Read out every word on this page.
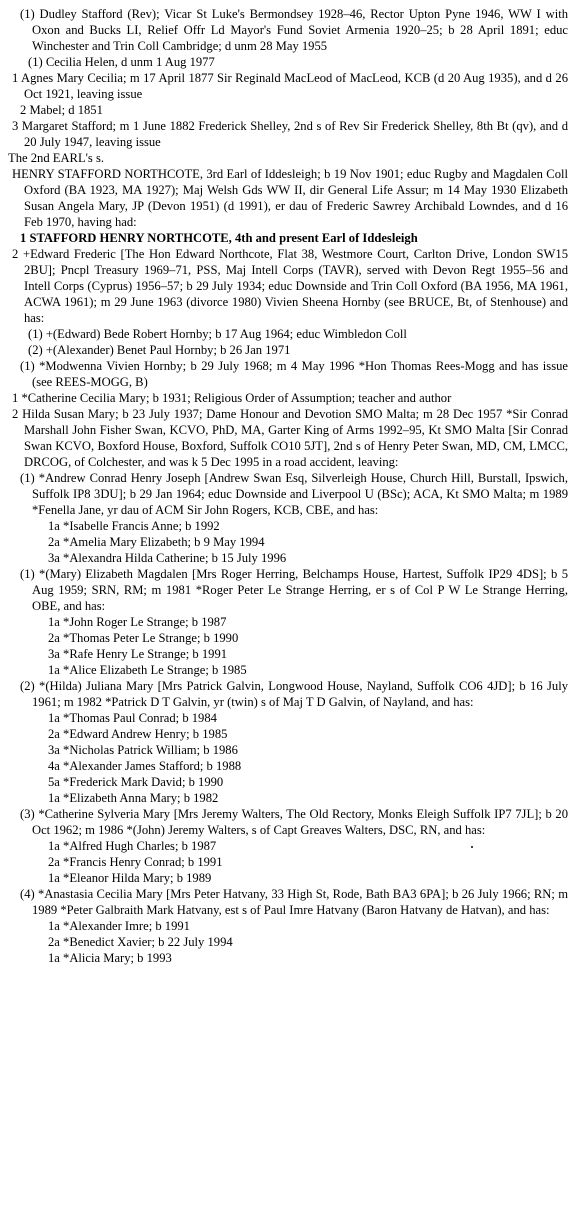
(1) Dudley Stafford (Rev); Vicar St Luke's Bermondsey 1928–46, Rector Upton Pyne 1946, WW I with Oxon and Bucks LI, Relief Offr Ld Mayor's Fund Soviet Armenia 1920–25; b 28 April 1891; educ Winchester and Trin Coll Cambridge; d unm 28 May 1955

(1) Cecilia Helen, d unm 1 Aug 1977

1 Agnes Mary Cecilia; m 17 April 1877 Sir Reginald MacLeod of MacLeod, KCB (d 20 Aug 1935), and d 26 Oct 1921, leaving issue

2 Mabel; d 1851

3 Margaret Stafford; m 1 June 1882 Frederick Shelley, 2nd s of Rev Sir Frederick Shelley, 8th Bt (qv), and d 20 July 1947, leaving issue

The 2nd EARL's s.

HENRY STAFFORD NORTHCOTE, 3rd Earl of Iddesleigh; b 19 Nov 1901; educ Rugby and Magdalen Coll Oxford (BA 1923, MA 1927); Maj Welsh Gds WW II, dir General Life Assur; m 14 May 1930 Elizabeth Susan Angela Mary, JP (Devon 1951) (d 1991), er dau of Frederic Sawrey Archibald Lowndes, and d 16 Feb 1970, having had:

1 STAFFORD HENRY NORTHCOTE, 4th and present Earl of Iddesleigh

2 +Edward Frederic [The Hon Edward Northcote, Flat 38, Westmore Court, Carlton Drive, London SW15 2BU]; Pncpl Treasury 1969–71, PSS, Maj Intell Corps (TAVR), served with Devon Regt 1955–56 and Intell Corps (Cyprus) 1956–57; b 29 July 1934; educ Downside and Trin Coll Oxford (BA 1956, MA 1961, ACWA 1961); m 29 June 1963 (divorce 1980) Vivien Sheena Hornby (see BRUCE, Bt, of Stenhouse) and has:

(1) +(Edward) Bede Robert Hornby; b 17 Aug 1964; educ Wimbledon Coll

(2) +(Alexander) Benet Paul Hornby; b 26 Jan 1971

(1) *Modwenna Vivien Hornby; b 29 July 1968; m 4 May 1996 *Hon Thomas Rees-Mogg and has issue (see REES-MOGG, B)

1 *Catherine Cecilia Mary; b 1931; Religious Order of Assumption; teacher and author

2 Hilda Susan Mary; b 23 July 1937; Dame Honour and Devotion SMO Malta; m 28 Dec 1957 *Sir Conrad Marshall John Fisher Swan, KCVO, PhD, MA, Garter King of Arms 1992–95, Kt SMO Malta [Sir Conrad Swan KCVO, Boxford House, Boxford, Suffolk CO10 5JT], 2nd s of Henry Peter Swan, MD, CM, LMCC, DRCOG, of Colchester, and was k 5 Dec 1995 in a road accident, leaving:

(1) *Andrew Conrad Henry Joseph [Andrew Swan Esq, Silverleigh House, Church Hill, Burstall, Ipswich, Suffolk IP8 3DU]; b 29 Jan 1964; educ Downside and Liverpool U (BSc); ACA, Kt SMO Malta; m 1989 *Fenella Jane, yr dau of ACM Sir John Rogers, KCB, CBE, and has:

1a *Isabelle Francis Anne; b 1992

2a *Amelia Mary Elizabeth; b 9 May 1994

3a *Alexandra Hilda Catherine; b 15 July 1996

(1) *(Mary) Elizabeth Magdalen [Mrs Roger Herring, Belchamps House, Hartest, Suffolk IP29 4DS]; b 5 Aug 1959; SRN, RM; m 1981 *Roger Peter Le Strange Herring, er s of Col P W Le Strange Herring, OBE, and has:

1a *John Roger Le Strange; b 1987

2a *Thomas Peter Le Strange; b 1990

3a *Rafe Henry Le Strange; b 1991

1a *Alice Elizabeth Le Strange; b 1985

(2) *(Hilda) Juliana Mary [Mrs Patrick Galvin, Longwood House, Nayland, Suffolk CO6 4JD]; b 16 July 1961; m 1982 *Patrick D T Galvin, yr (twin) s of Maj T D Galvin, of Nayland, and has:

1a *Thomas Paul Conrad; b 1984

2a *Edward Andrew Henry; b 1985

3a *Nicholas Patrick William; b 1986

4a *Alexander James Stafford; b 1988

5a *Frederick Mark David; b 1990

1a *Elizabeth Anna Mary; b 1982

(3) *Catherine Sylveria Mary [Mrs Jeremy Walters, The Old Rectory, Monks Eleigh Suffolk IP7 7JL]; b 20 Oct 1962; m 1986 *(John) Jeremy Walters, s of Capt Greaves Walters, DSC, RN, and has:

1a *Alfred Hugh Charles; b 1987

2a *Francis Henry Conrad; b 1991

1a *Eleanor Hilda Mary; b 1989

(4) *Anastasia Cecilia Mary [Mrs Peter Hatvany, 33 High St, Rode, Bath BA3 6PA]; b 26 July 1966; RN; m 1989 *Peter Galbraith Mark Hatvany, est s of Paul Imre Hatvany (Baron Hatvany de Hatvan), and has:

1a *Alexander Imre; b 1991

2a *Benedict Xavier; b 22 July 1994

1a *Alicia Mary; b 1993
